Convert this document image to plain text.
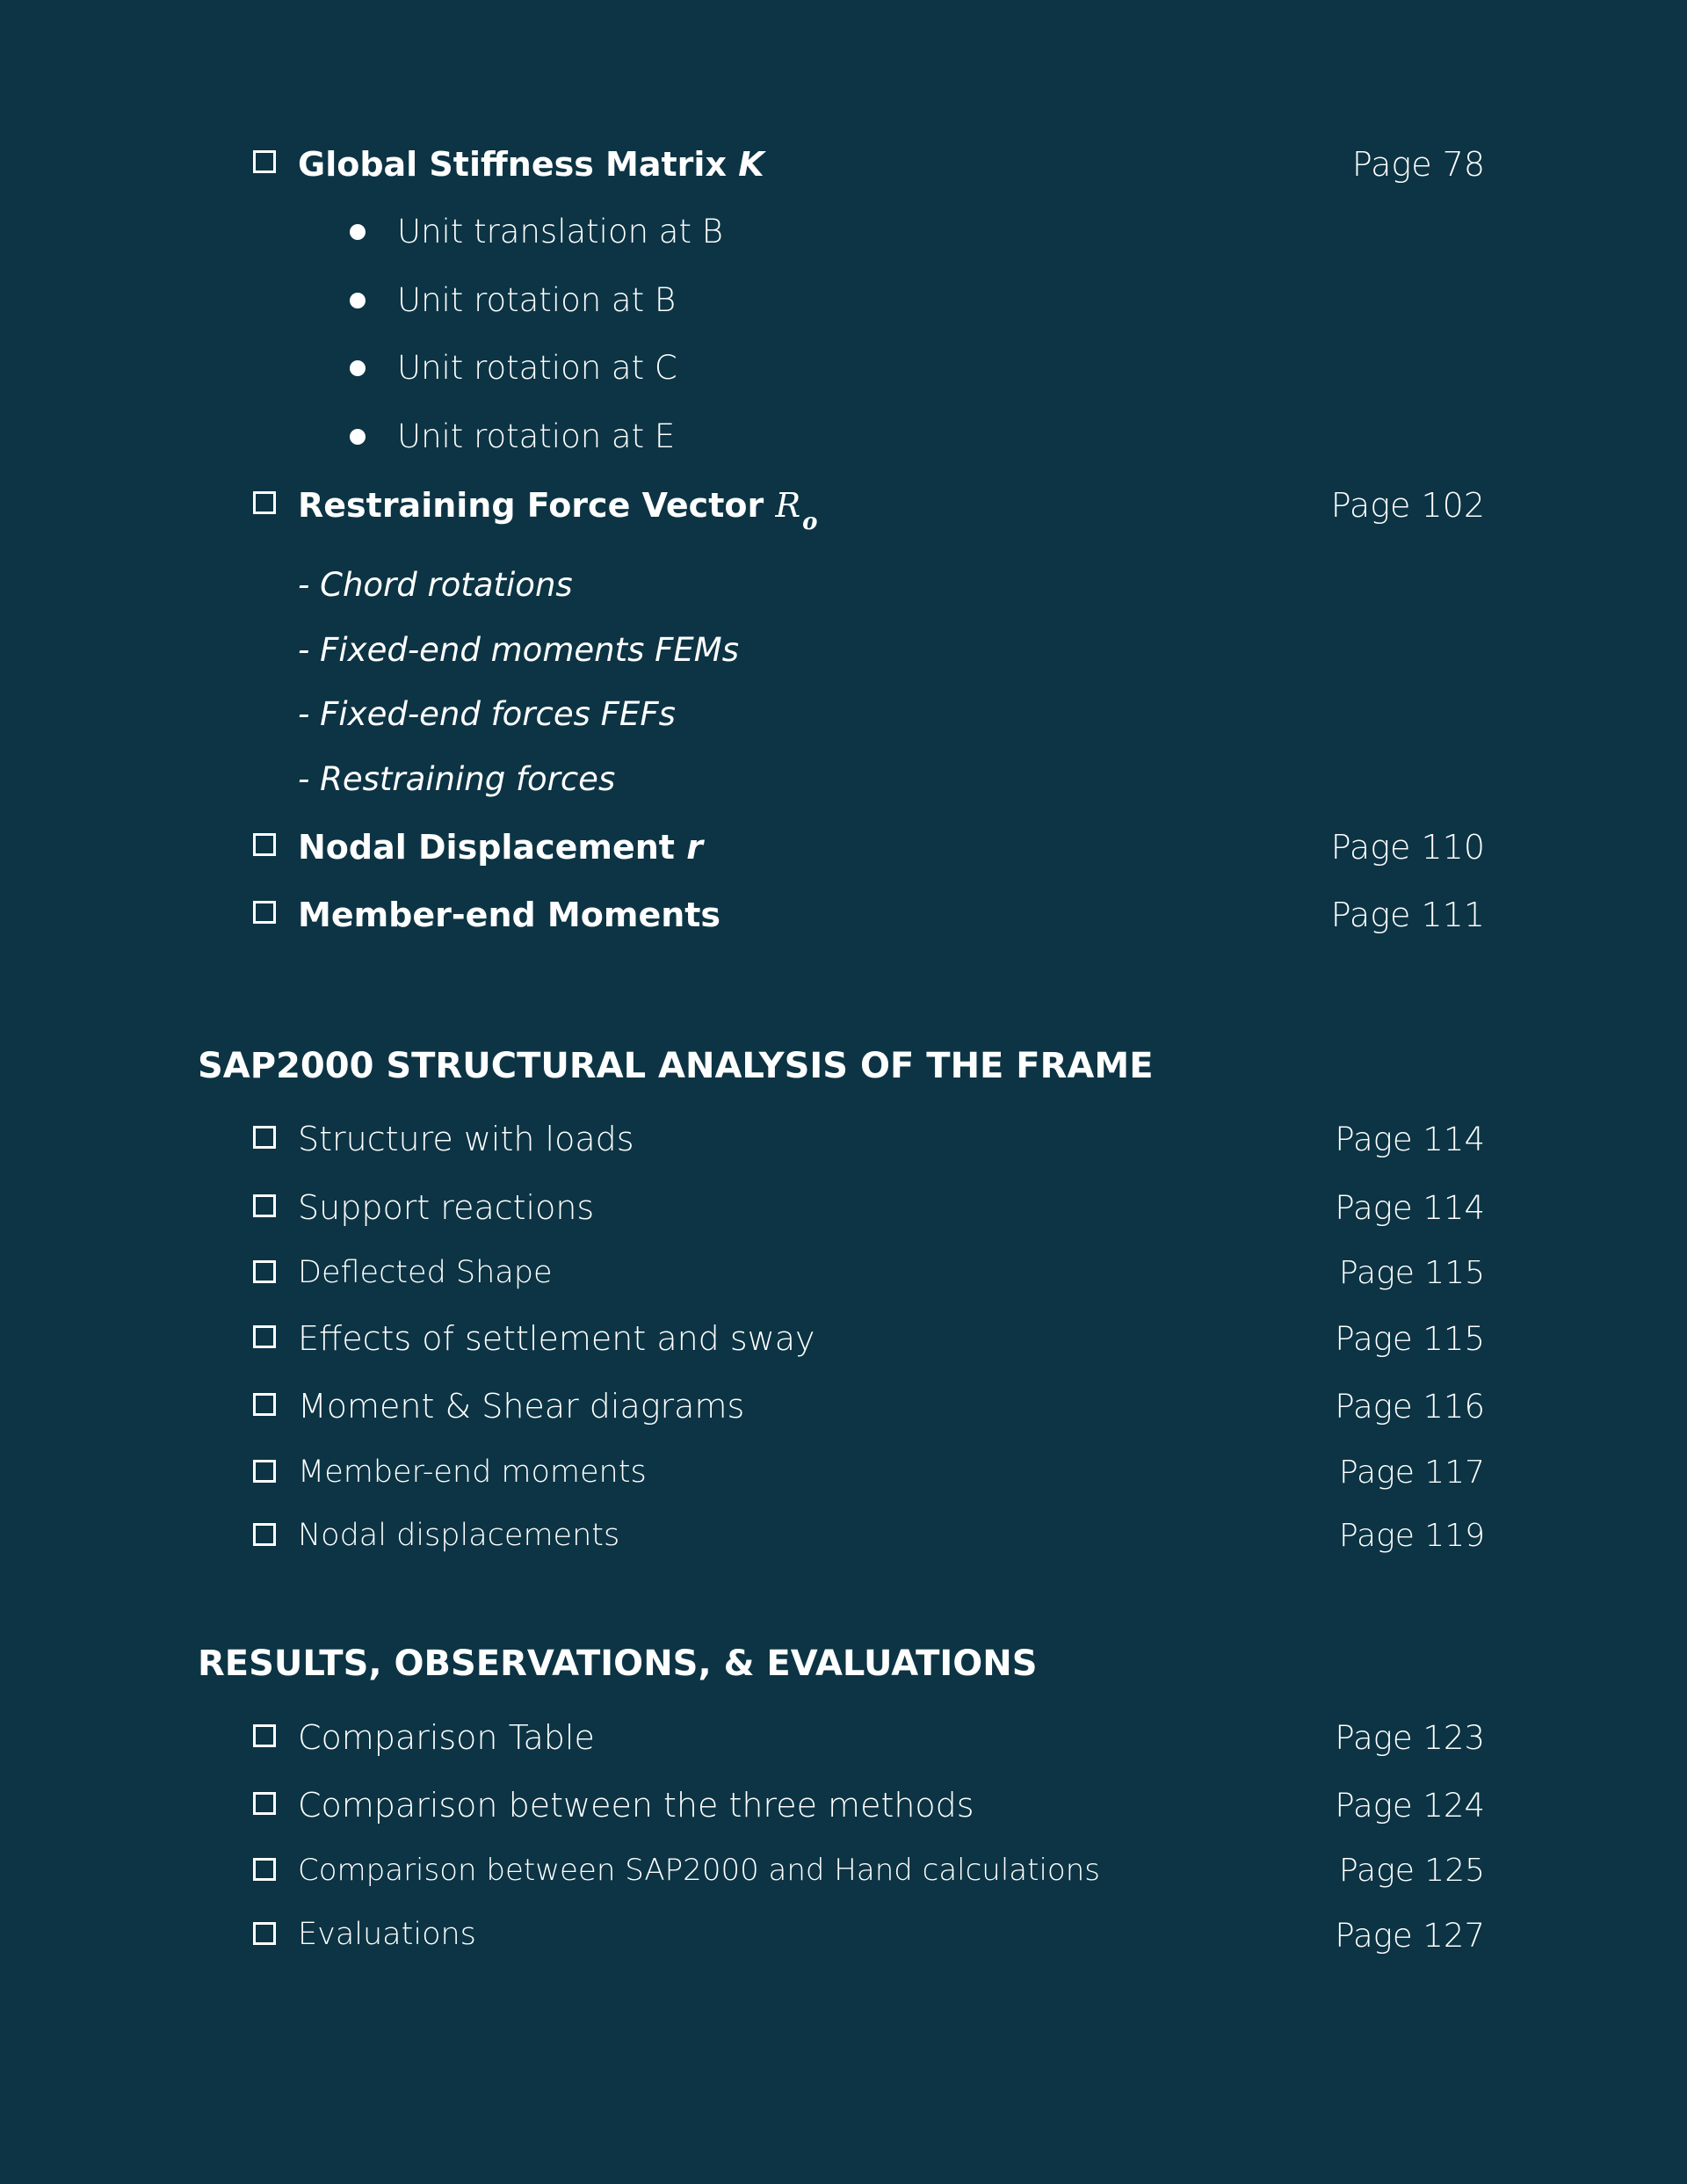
Global Stiffness Matrix K	Page 78
Unit translation at B
Unit rotation at B
Unit rotation at C
Unit rotation at E
Restraining Force Vector $R_o$	Page 102
- Chord rotations
- Fixed-end moments FEMs
- Fixed-end forces FEFs
- Restraining forces
Nodal Displacement r	Page 110
Member-end Moments	Page 111
SAP2000 STRUCTURAL ANALYSIS OF THE FRAME
Structure with loads	Page 114
Support reactions	Page 114
Deflected Shape	Page 115
Effects of settlement and sway	Page 115
Moment & Shear diagrams	Page 116
Member-end moments	Page 117
Nodal displacements	Page 119
RESULTS, OBSERVATIONS, & EVALUATIONS
Comparison Table	Page 123
Comparison between the three methods	Page 124
Comparison between SAP2000 and Hand calculations	Page 125
Evaluations	Page 127
